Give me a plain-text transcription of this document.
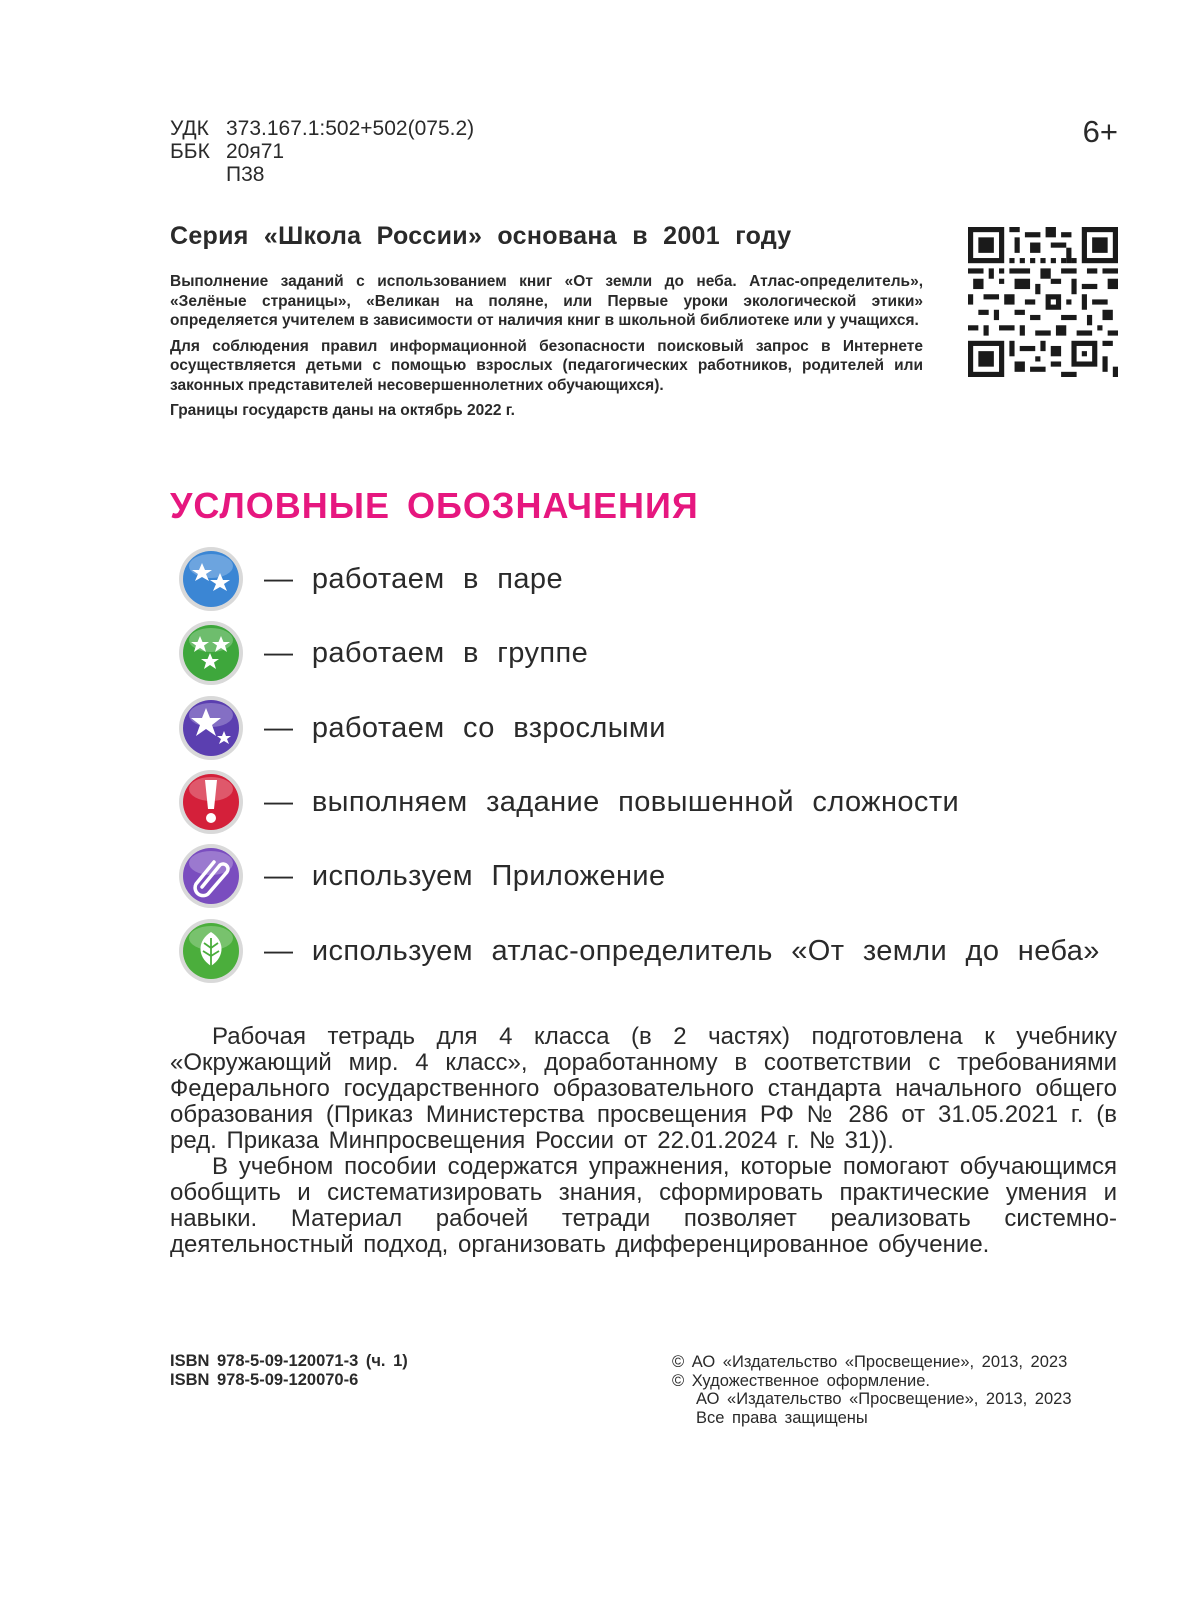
УДК 373.167.1:502+502(075.2)
ББК 20я71
П38
6+
Серия «Школа России» основана в 2001 году

Выполнение заданий с использованием книг «От земли до неба. Атлас-определитель», «Зелёные страницы», «Великан на поляне, или Первые уроки экологической этики» определяется учителем в зависимости от наличия книг в школьной библиотеке или у учащихся.

Для соблюдения правил информационной безопасности поисковый запрос в Интернете осуществляется детьми с помощью взрослых (педагогических работников, родителей или законных представителей несовершеннолетних обучающихся).

Границы государств даны на октябрь 2022 г.

УСЛОВНЫЕ ОБОЗНАЧЕНИЯ
— работаем в паре
— работаем в группе
— работаем со взрослыми
— выполняем задание повышенной сложности
— используем Приложение
— используем атлас-определитель «От земли до неба»

Рабочая тетрадь для 4 класса (в 2 частях) подготовлена к учебнику «Окружающий мир. 4 класс», доработанному в соответствии с требованиями Федерального государственного образовательного стандарта начального общего образования (Приказ Министерства просвещения РФ № 286 от 31.05.2021 г. (в ред. Приказа Минпросвещения России от 22.01.2024 г. № 31)).

В учебном пособии содержатся упражнения, которые помогают обучающимся обобщить и систематизировать знания, сформировать практические умения и навыки. Материал рабочей тетради позволяет реализовать системно-деятельностный подход, организовать дифференцированное обучение.

ISBN 978-5-09-120071-3 (ч. 1)
ISBN 978-5-09-120070-6
© АО «Издательство «Просвещение», 2013, 2023
© Художественное оформление.
АО «Издательство «Просвещение», 2013, 2023
Все права защищены
